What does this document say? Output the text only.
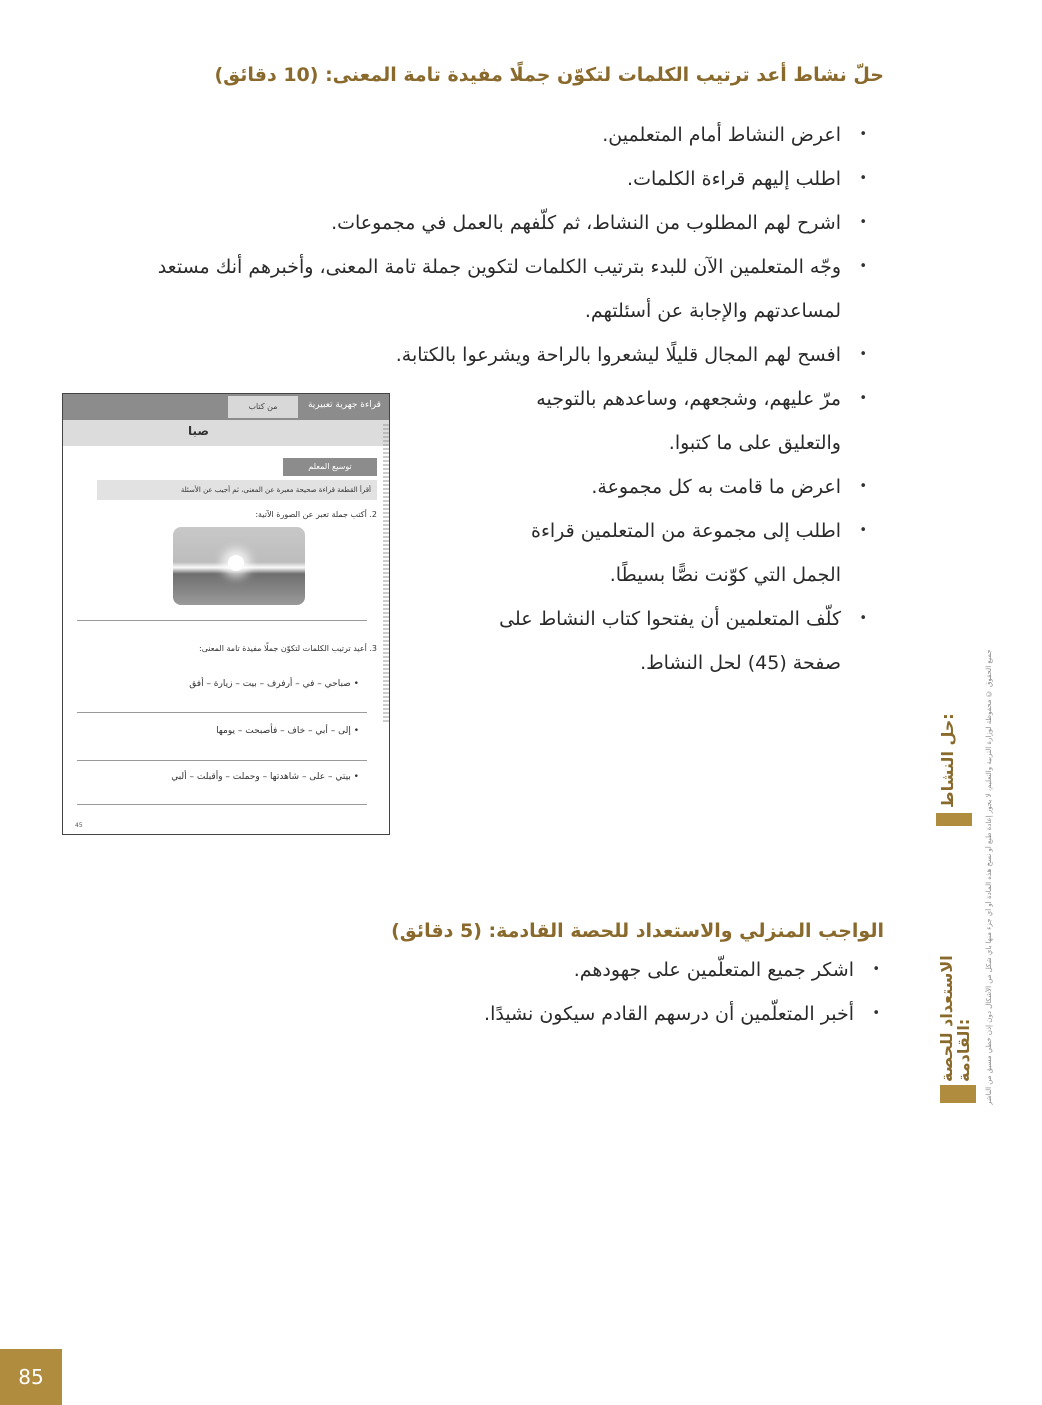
حلّ نشاط أعد ترتيب الكلمات لتكوّن جملًا مفيدة تامة المعنى: (10 دقائق)
• اعرض النشاط أمام المتعلمين.
• اطلب إليهم قراءة الكلمات.
• اشرح لهم المطلوب من النشاط، ثم كلّفهم بالعمل في مجموعات.
• وجّه المتعلمين الآن للبدء بترتيب الكلمات لتكوين جملة تامة المعنى، وأخبرهم أنك مستعد لمساعدتهم والإجابة عن أسئلتهم.
• افسح لهم المجال قليلًا ليشعروا بالراحة ويشرعوا بالكتابة.
• مرّ عليهم، وشجعهم، وساعدهم بالتوجيه والتعليق على ما كتبوا.
• اعرض ما قامت به كل مجموعة.
• اطلب إلى مجموعة من المتعلمين قراءة الجمل التي كوّنت نصًّا بسيطًا.
• كلّف المتعلمين أن يفتحوا كتاب النشاط على صفحة (45) لحل النشاط.
من كتاب	قراءة جهرية تعبيرية
صبا
توسيع المعلم
أقرأ القطعة قراءة صحيحة معبرة عن المعنى، ثم أجيب عن الأسئلة
2. أكتب جملة تعبر عن الصورة الآتية:
3. أعيد ترتيب الكلمات لتكوّن جملًا مفيدة تامة المعنى:
• صباحي – في – أرفرف – بيت – زيارة – أفق
• إلى – أبي – خاف – فأصبحت – يومها
• بيتي – على – شاهدتها – وحملت – وأقبلت – ألبي
45
الواجب المنزلي والاستعداد للحصة القادمة: (5 دقائق)
• اشكر جميع المتعلّمين على جهودهم.
• أخبر المتعلّمين أن درسهم القادم سيكون نشيدًا.
حل النشاط:
الاستعداد للحصة القادمة: جميع الحقوق © محفوظة لوزارة التربية والتعليم، لا يجوز إعادة طبع أو نسخ هذه المادة أو أي جزء منها بأي شكل من الأشكال دون إذن خطي مسبق من الناشر
85
